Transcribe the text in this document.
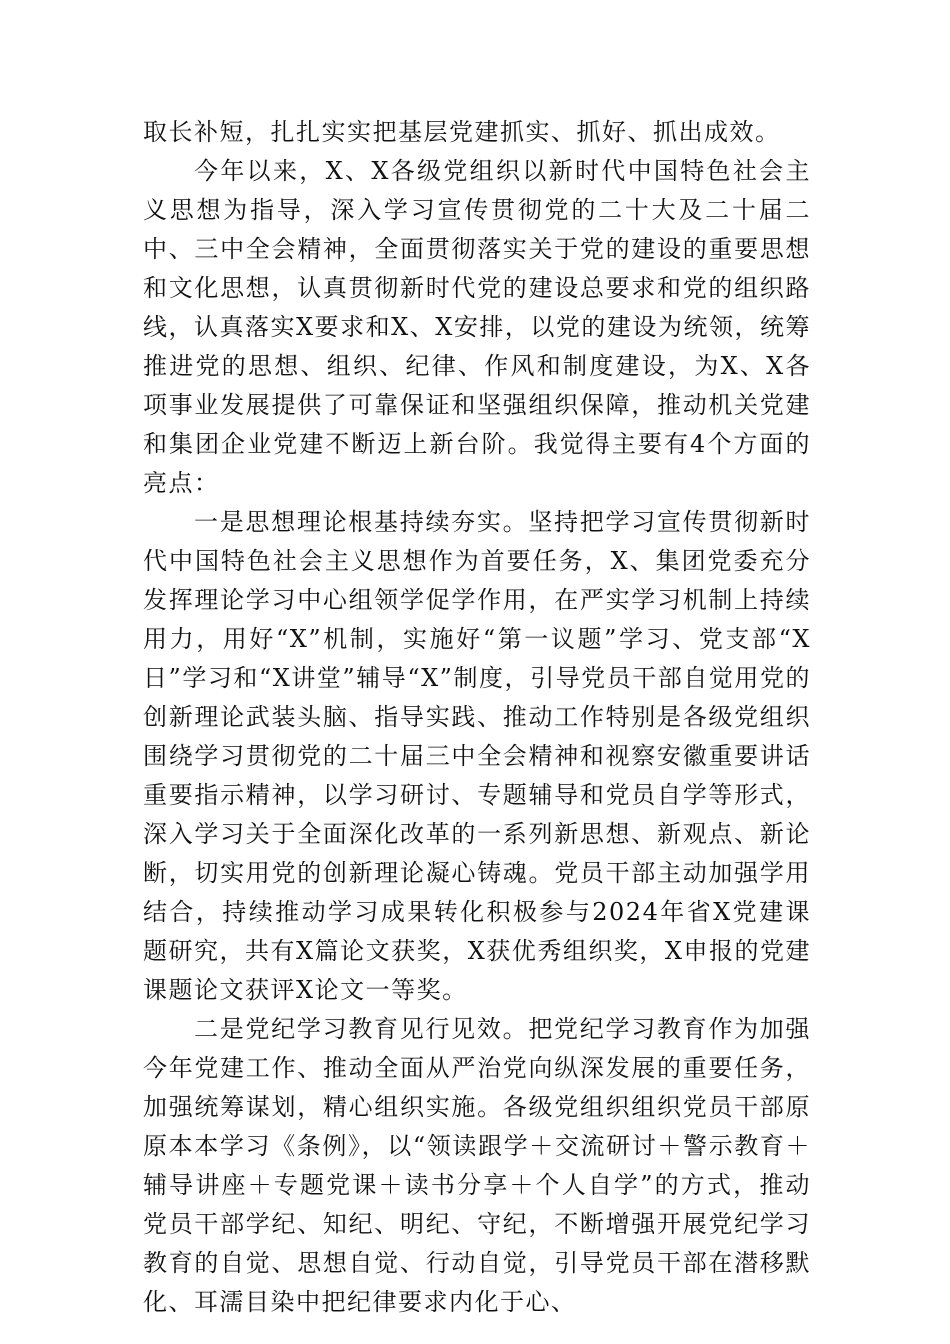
取长补短，扎扎实实把基层党建抓实、抓好、抓出成效。

今年以来，X、X各级党组织以新时代中国特色社会主义思想为指导，深入学习宣传贯彻党的二十大及二十届二中、三中全会精神，全面贯彻落实关于党的建设的重要思想和文化思想，认真贯彻新时代党的建设总要求和党的组织路线，认真落实X要求和X、X安排，以党的建设为统领，统筹推进党的思想、组织、纪律、作风和制度建设，为X、X各项事业发展提供了可靠保证和坚强组织保障，推动机关党建和集团企业党建不断迈上新台阶。我觉得主要有4个方面的亮点：

一是思想理论根基持续夯实。坚持把学习宣传贯彻新时代中国特色社会主义思想作为首要任务，X、集团党委充分发挥理论学习中心组领学促学作用，在严实学习机制上持续用力，用好“X”机制，实施好“第一议题”学习、党支部“X日”学习和“X讲堂”辅导“X”制度，引导党员干部自觉用党的创新理论武装头脑、指导实践、推动工作特别是各级党组织围绕学习贯彻党的二十届三中全会精神和视察安徽重要讲话重要指示精神，以学习研讨、专题辅导和党员自学等形式，深入学习关于全面深化改革的一系列新思想、新观点、新论断，切实用党的创新理论凝心铸魂。党员干部主动加强学用结合，持续推动学习成果转化积极参与2024年省X党建课题研究，共有X篇论文获奖，X获优秀组织奖，X申报的党建课题论文获评X论文一等奖。

二是党纪学习教育见行见效。把党纪学习教育作为加强今年党建工作、推动全面从严治党向纵深发展的重要任务，加强统筹谋划，精心组织实施。各级党组织组织党员干部原原本本学习《条例》，以“领读跟学＋交流研讨＋警示教育＋辅导讲座＋专题党课＋读书分享＋个人自学”的方式，推动党员干部学纪、知纪、明纪、守纪，不断增强开展党纪学习教育的自觉、思想自觉、行动自觉，引导党员干部在潜移默化、耳濡目染中把纪律要求内化于心、
